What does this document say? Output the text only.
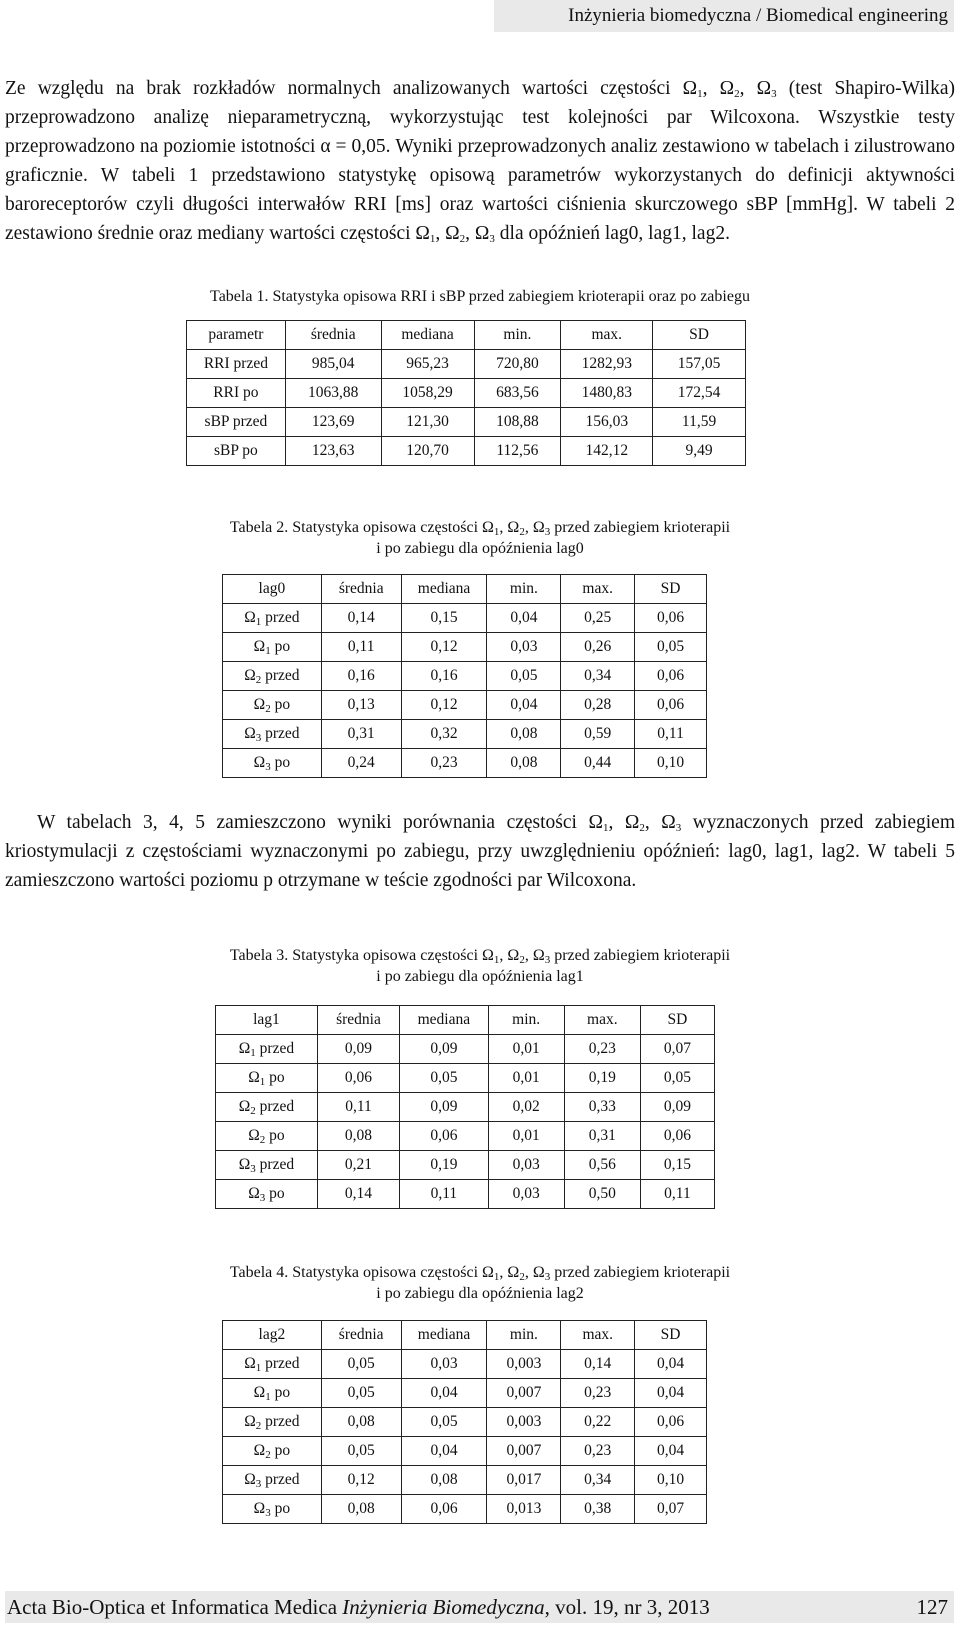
Inżynieria biomedyczna / Biomedical engineering

Ze względu na brak rozkładów normalnych analizowanych wartości częstości $\Omega_1$, $\Omega_2$, $\Omega_3$ (test Shapiro-Wilka) przeprowadzono analizę nieparametryczną, wykorzystując test kolejności par Wilcoxona. Wszystkie testy przeprowadzono na poziomie istotności α = 0,05. Wyniki przeprowadzonych analiz zestawiono w tabelach i zilustrowano graficznie. W tabeli 1 przedstawiono statystykę opisową parametrów wykorzystanych do definicji aktywności baroreceptorów czyli długości interwałów RRI [ms] oraz wartości ciśnienia skurczowego sBP [mmHg]. W tabeli 2 zestawiono średnie oraz mediany wartości częstości $\Omega_1$, $\Omega_2$, $\Omega_3$ dla opóźnień lag0, lag1, lag2.

Tabela 1. Statystyka opisowa RRI i sBP przed zabiegiem krioterapii oraz po zabiegu
parametr	średnia	mediana	min.	max.	SD
RRI przed	985,04	965,23	720,80	1282,93	157,05
RRI po	1063,88	1058,29	683,56	1480,83	172,54
sBP przed	123,69	121,30	108,88	156,03	11,59
sBP po	123,63	120,70	112,56	142,12	9,49
Tabela 2. Statystyka opisowa częstości $\Omega_1$, $\Omega_2$, $\Omega_3$ przed zabiegiem krioterapii
i po zabiegu dla opóźnienia lag0
lag0	średnia	mediana	min.	max.	SD
$\Omega_1$ przed	0,14	0,15	0,04	0,25	0,06
$\Omega_1$ po	0,11	0,12	0,03	0,26	0,05
$\Omega_2$ przed	0,16	0,16	0,05	0,34	0,06
$\Omega_2$ po	0,13	0,12	0,04	0,28	0,06
$\Omega_3$ przed	0,31	0,32	0,08	0,59	0,11
$\Omega_3$ po	0,24	0,23	0,08	0,44	0,10

W tabelach 3, 4, 5 zamieszczono wyniki porównania częstości $\Omega_1$, $\Omega_2$, $\Omega_3$ wyznaczonych przed zabiegiem kriostymulacji z częstościami wyznaczonymi po zabiegu, przy uwzględnieniu opóźnień: lag0, lag1, lag2. W tabeli 5 zamieszczono wartości poziomu p otrzymane w teście zgodności par Wilcoxona.

Tabela 3. Statystyka opisowa częstości $\Omega_1$, $\Omega_2$, $\Omega_3$ przed zabiegiem krioterapii
i po zabiegu dla opóźnienia lag1
lag1	średnia	mediana	min.	max.	SD
$\Omega_1$ przed	0,09	0,09	0,01	0,23	0,07
$\Omega_1$ po	0,06	0,05	0,01	0,19	0,05
$\Omega_2$ przed	0,11	0,09	0,02	0,33	0,09
$\Omega_2$ po	0,08	0,06	0,01	0,31	0,06
$\Omega_3$ przed	0,21	0,19	0,03	0,56	0,15
$\Omega_3$ po	0,14	0,11	0,03	0,50	0,11
Tabela 4. Statystyka opisowa częstości $\Omega_1$, $\Omega_2$, $\Omega_3$ przed zabiegiem krioterapii
i po zabiegu dla opóźnienia lag2
lag2	średnia	mediana	min.	max.	SD
$\Omega_1$ przed	0,05	0,03	0,003	0,14	0,04
$\Omega_1$ po	0,05	0,04	0,007	0,23	0,04
$\Omega_2$ przed	0,08	0,05	0,003	0,22	0,06
$\Omega_2$ po	0,05	0,04	0,007	0,23	0,04
$\Omega_3$ przed	0,12	0,08	0,017	0,34	0,10
$\Omega_3$ po	0,08	0,06	0,013	0,38	0,07
Acta Bio-Optica et Informatica Medica Inżynieria Biomedyczna, vol. 19, nr 3, 2013	127
